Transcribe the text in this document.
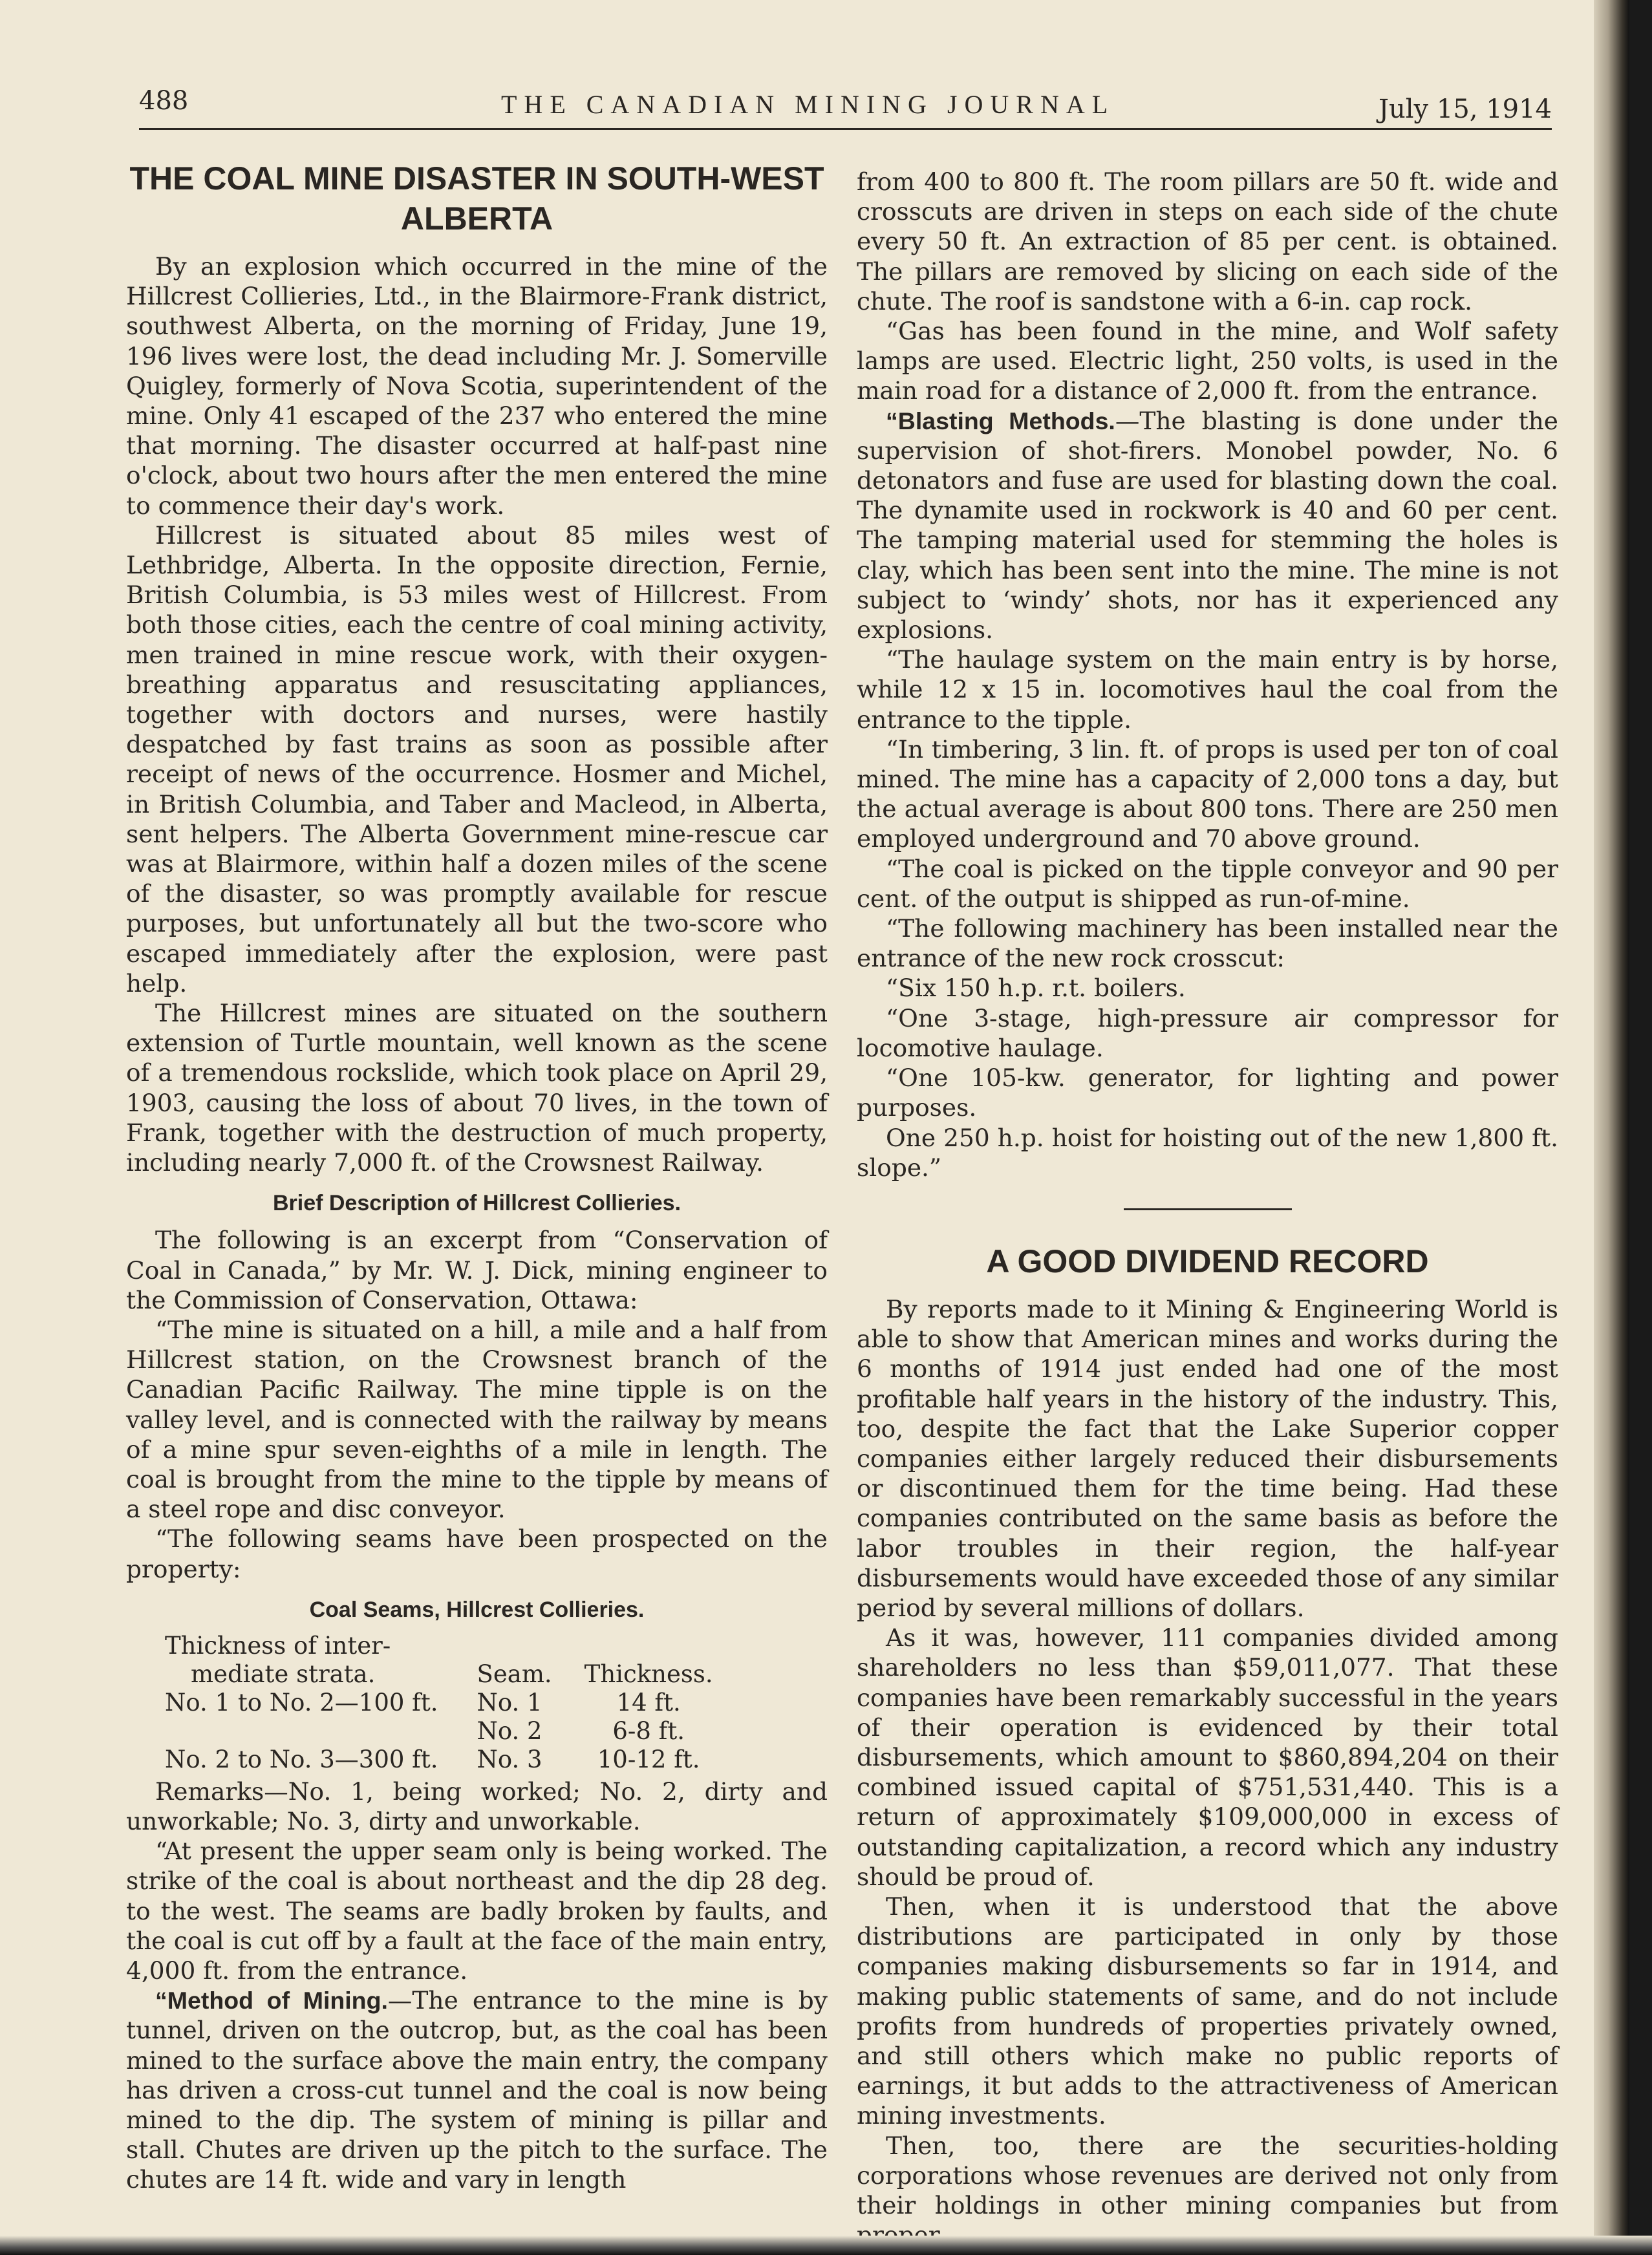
488	THE CANADIAN MINING JOURNAL	July 15, 1914
THE COAL MINE DISASTER IN SOUTH-WEST ALBERTA

By an explosion which occurred in the mine of the Hillcrest Collieries, Ltd., in the Blairmore-Frank district, southwest Alberta, on the morning of Friday, June 19, 196 lives were lost, the dead including Mr. J. Somerville Quigley, formerly of Nova Scotia, superintendent of the mine. Only 41 escaped of the 237 who entered the mine that morning. The disaster occurred at half-past nine o'clock, about two hours after the men entered the mine to commence their day's work.

Hillcrest is situated about 85 miles west of Lethbridge, Alberta. In the opposite direction, Fernie, British Columbia, is 53 miles west of Hillcrest. From both those cities, each the centre of coal mining activity, men trained in mine rescue work, with their oxygen-breathing apparatus and resuscitating appliances, together with doctors and nurses, were hastily despatched by fast trains as soon as possible after receipt of news of the occurrence. Hosmer and Michel, in British Columbia, and Taber and Macleod, in Alberta, sent helpers. The Alberta Government mine-rescue car was at Blairmore, within half a dozen miles of the scene of the disaster, so was promptly available for rescue purposes, but unfortunately all but the two-score who escaped immediately after the explosion, were past help.

The Hillcrest mines are situated on the southern extension of Turtle mountain, well known as the scene of a tremendous rockslide, which took place on April 29, 1903, causing the loss of about 70 lives, in the town of Frank, together with the destruction of much property, including nearly 7,000 ft. of the Crowsnest Railway.

Brief Description of Hillcrest Collieries.

The following is an excerpt from “Conservation of Coal in Canada,” by Mr. W. J. Dick, mining engineer to the Commission of Conservation, Ottawa:

“The mine is situated on a hill, a mile and a half from Hillcrest station, on the Crowsnest branch of the Canadian Pacific Railway. The mine tipple is on the valley level, and is connected with the railway by means of a mine spur seven-eighths of a mile in length. The coal is brought from the mine to the tipple by means of a steel rope and disc conveyor.

“The following seams have been prospected on the property:

Coal Seams, Hillcrest Collieries.
Thickness of inter-
mediate strata.	Seam.	Thickness.
No. 1 to No. 2—100 ft.	No. 1	14 ft.
	No. 2	6-8 ft.
No. 2 to No. 3—300 ft.	No. 3	10-12 ft.

Remarks—No. 1, being worked; No. 2, dirty and unworkable; No. 3, dirty and unworkable.

“At present the upper seam only is being worked. The strike of the coal is about northeast and the dip 28 deg. to the west. The seams are badly broken by faults, and the coal is cut off by a fault at the face of the main entry, 4,000 ft. from the entrance.

“Method of Mining.—The entrance to the mine is by tunnel, driven on the outcrop, but, as the coal has been mined to the surface above the main entry, the company has driven a cross-cut tunnel and the coal is now being mined to the dip. The system of mining is pillar and stall. Chutes are driven up the pitch to the surface. The chutes are 14 ft. wide and vary in length

from 400 to 800 ft. The room pillars are 50 ft. wide and crosscuts are driven in steps on each side of the chute every 50 ft. An extraction of 85 per cent. is obtained. The pillars are removed by slicing on each side of the chute. The roof is sandstone with a 6-in. cap rock.

“Gas has been found in the mine, and Wolf safety lamps are used. Electric light, 250 volts, is used in the main road for a distance of 2,000 ft. from the entrance.

“Blasting Methods.—The blasting is done under the supervision of shot-firers. Monobel powder, No. 6 detonators and fuse are used for blasting down the coal. The dynamite used in rockwork is 40 and 60 per cent. The tamping material used for stemming the holes is clay, which has been sent into the mine. The mine is not subject to ‘windy’ shots, nor has it experienced any explosions.

“The haulage system on the main entry is by horse, while 12 x 15 in. locomotives haul the coal from the entrance to the tipple.

“In timbering, 3 lin. ft. of props is used per ton of coal mined. The mine has a capacity of 2,000 tons a day, but the actual average is about 800 tons. There are 250 men employed underground and 70 above ground.

“The coal is picked on the tipple conveyor and 90 per cent. of the output is shipped as run-of-mine.

“The following machinery has been installed near the entrance of the new rock crosscut:

“Six 150 h.p. r.t. boilers.

“One 3-stage, high-pressure air compressor for locomotive haulage.

“One 105-kw. generator, for lighting and power purposes.

One 250 h.p. hoist for hoisting out of the new 1,800 ft. slope.”

A GOOD DIVIDEND RECORD

By reports made to it Mining & Engineering World is able to show that American mines and works during the 6 months of 1914 just ended had one of the most profitable half years in the history of the industry. This, too, despite the fact that the Lake Superior copper companies either largely reduced their disbursements or discontinued them for the time being. Had these companies contributed on the same basis as before the labor troubles in their region, the half-year disbursements would have exceeded those of any similar period by several millions of dollars.

As it was, however, 111 companies divided among shareholders no less than $59,011,077. That these companies have been remarkably successful in the years of their operation is evidenced by their total disbursements, which amount to $860,894,204 on their combined issued capital of $751,531,440. This is a return of approximately $109,000,000 in excess of outstanding capitalization, a record which any industry should be proud of.

Then, when it is understood that the above distributions are participated in only by those companies making disbursements so far in 1914, and making public statements of same, and do not include profits from hundreds of properties privately owned, and still others which make no public reports of earnings, it but adds to the attractiveness of American mining investments.

Then, too, there are the securities-holding corporations whose revenues are derived not only from their holdings in other mining companies but from
